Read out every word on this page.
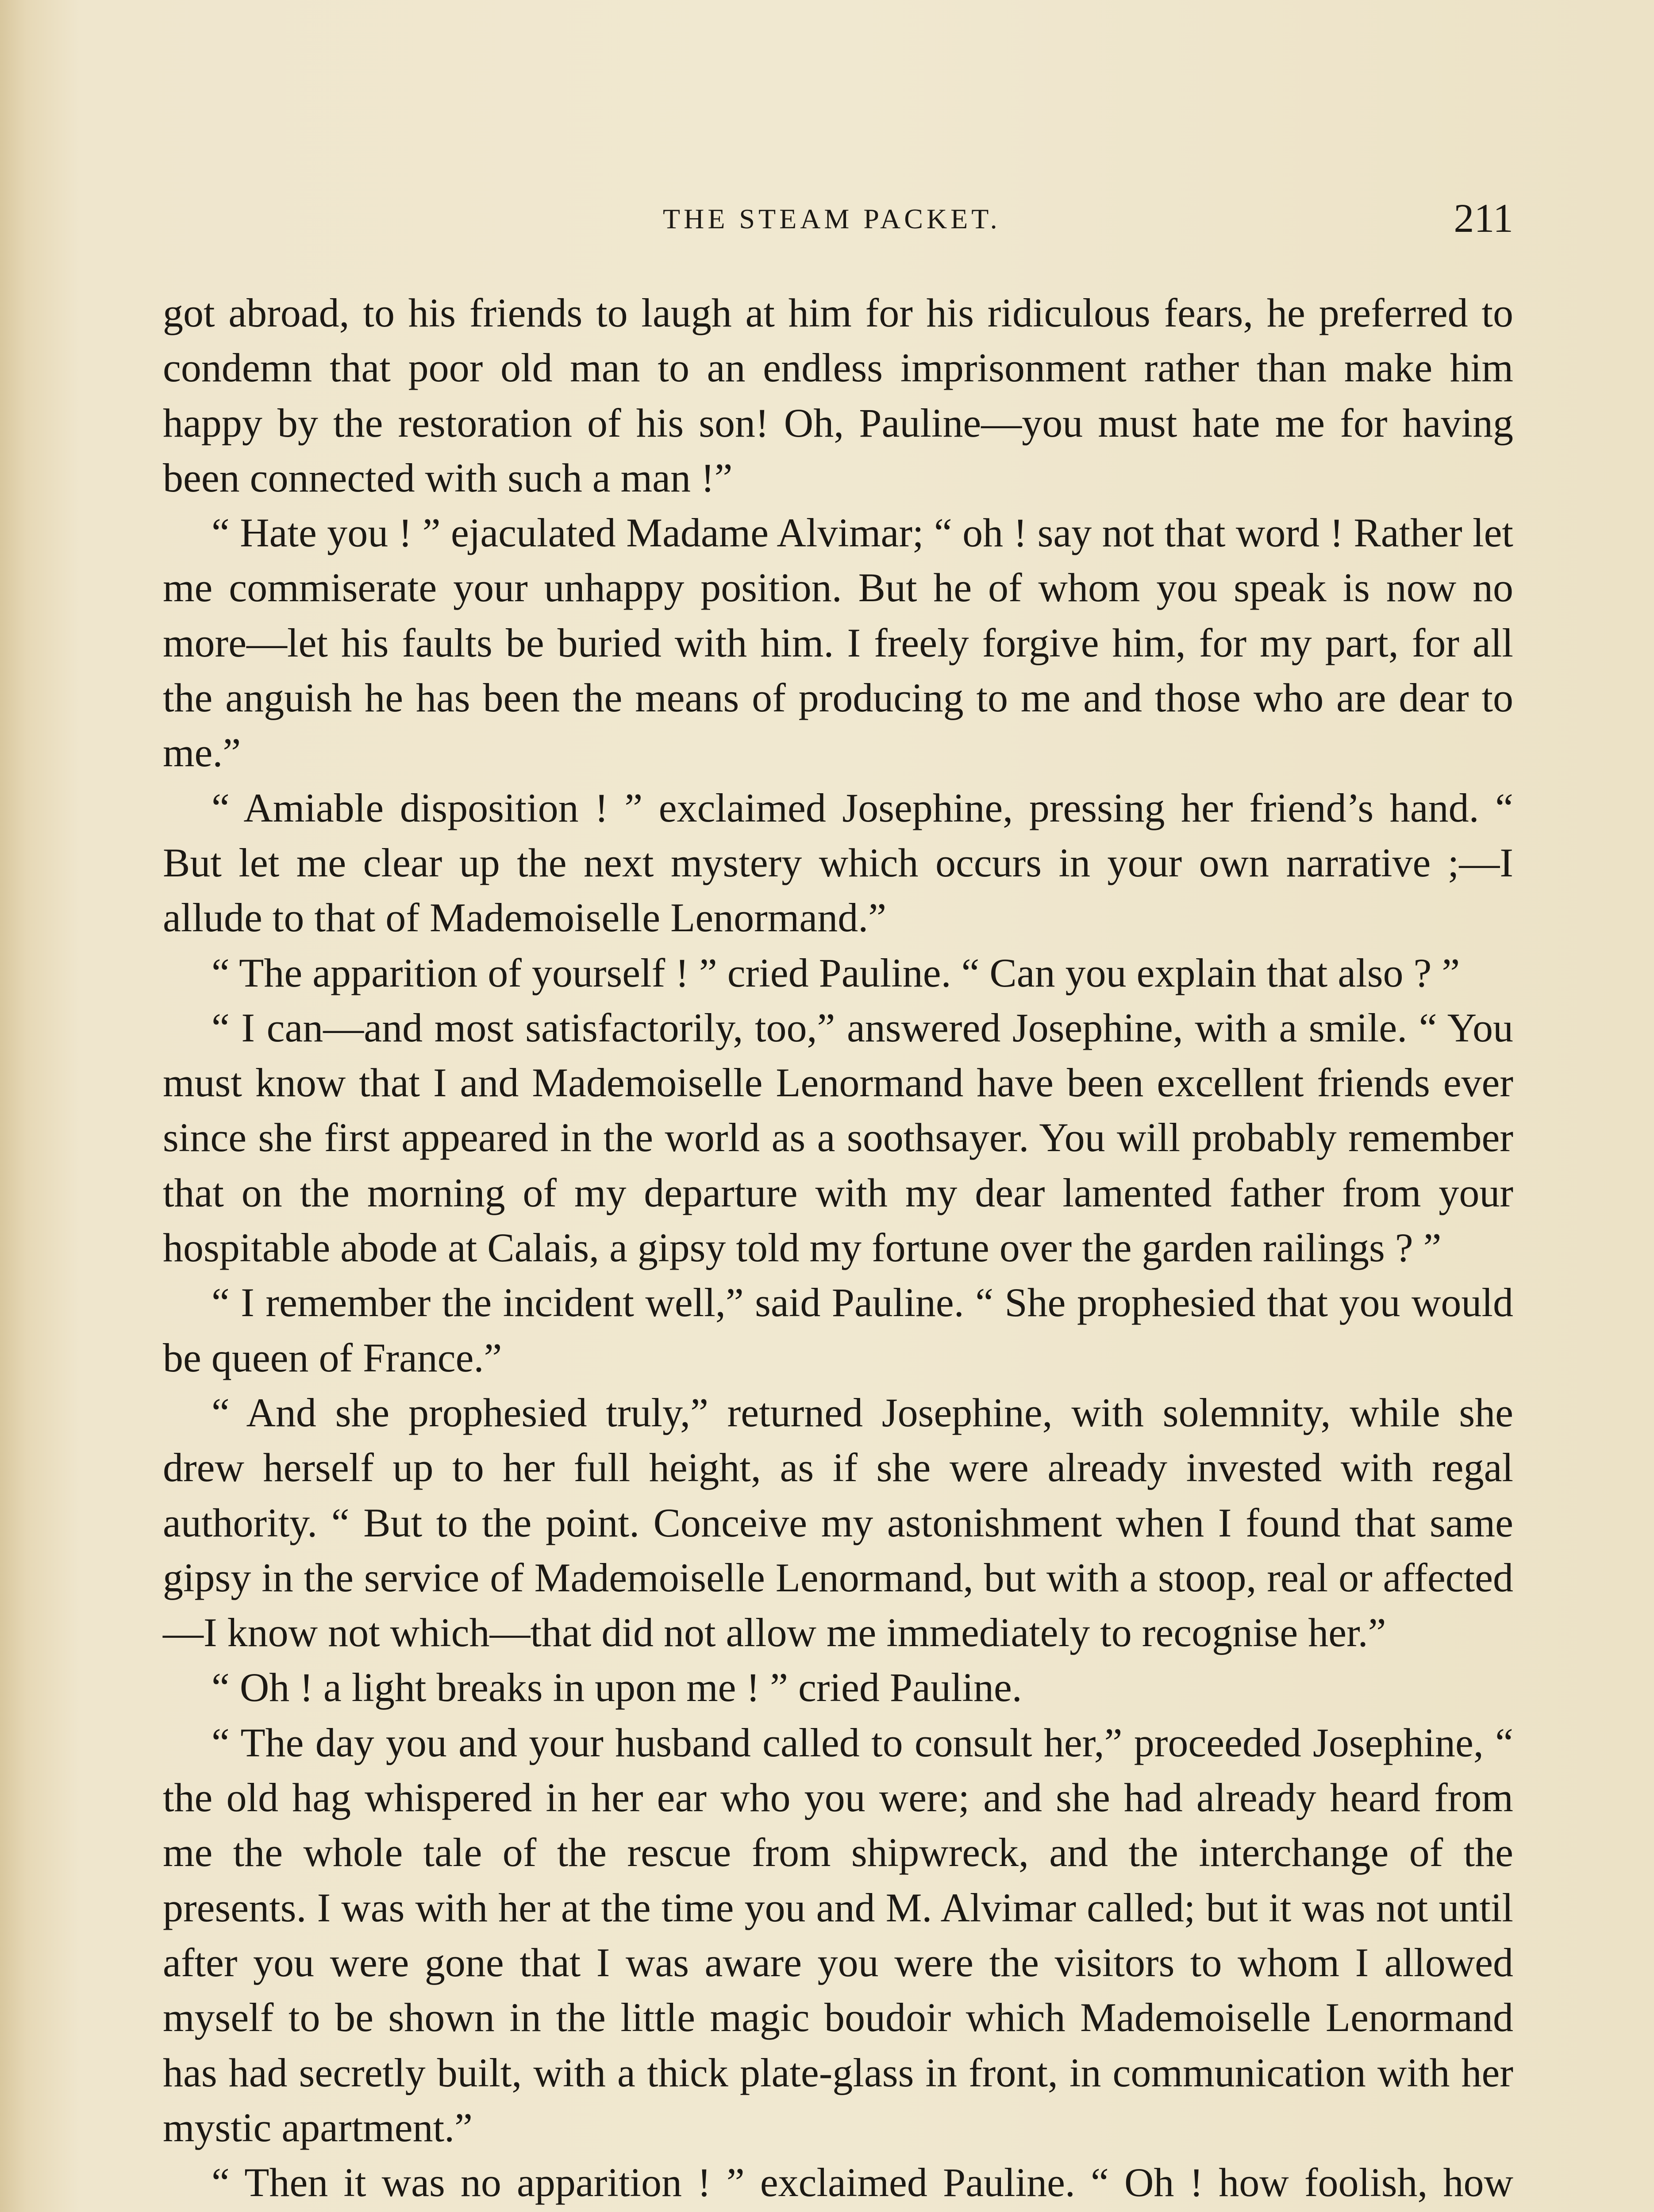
THE STEAM PACKET.	211

got abroad, to his friends to laugh at him for his ridiculous fears, he preferred to condemn that poor old man to an endless imprisonment rather than make him happy by the restoration of his son! Oh, Pauline—you must hate me for having been connected with such a man !”

“ Hate you ! ” ejaculated Madame Alvimar; “ oh ! say not that word ! Rather let me commiserate your unhappy position. But he of whom you speak is now no more—let his faults be buried with him. I freely forgive him, for my part, for all the anguish he has been the means of producing to me and those who are dear to me.”

“ Amiable disposition ! ” exclaimed Josephine, pressing her friend’s hand. “ But let me clear up the next mystery which occurs in your own narrative ;—I allude to that of Mademoiselle Lenormand.”

“ The apparition of yourself ! ” cried Pauline. “ Can you explain that also ? ”

“ I can—and most satisfactorily, too,” answered Josephine, with a smile. “ You must know that I and Mademoiselle Lenormand have been excellent friends ever since she first appeared in the world as a soothsayer. You will probably remember that on the morning of my departure with my dear lamented father from your hospitable abode at Calais, a gipsy told my fortune over the garden railings ? ”

“ I remember the incident well,” said Pauline. “ She prophesied that you would be queen of France.”

“ And she prophesied truly,” returned Josephine, with solemnity, while she drew herself up to her full height, as if she were already invested with regal authority. “ But to the point. Conceive my astonishment when I found that same gipsy in the service of Mademoiselle Lenormand, but with a stoop, real or affected—I know not which—that did not allow me immediately to recognise her.”

“ Oh ! a light breaks in upon me ! ” cried Pauline.

“ The day you and your husband called to consult her,” proceeded Josephine, “ the old hag whispered in her ear who you were; and she had already heard from me the whole tale of the rescue from shipwreck, and the interchange of the presents. I was with her at the time you and M. Alvimar called; but it was not until after you were gone that I was aware you were the visitors to whom I allowed myself to be shown in the little magic boudoir which Mademoiselle Lenormand has had secretly built, with a thick plate-glass in front, in communication with her mystic apartment.”

“ Then it was no apparition ! ” exclaimed Pauline. “ Oh ! how foolish, how
